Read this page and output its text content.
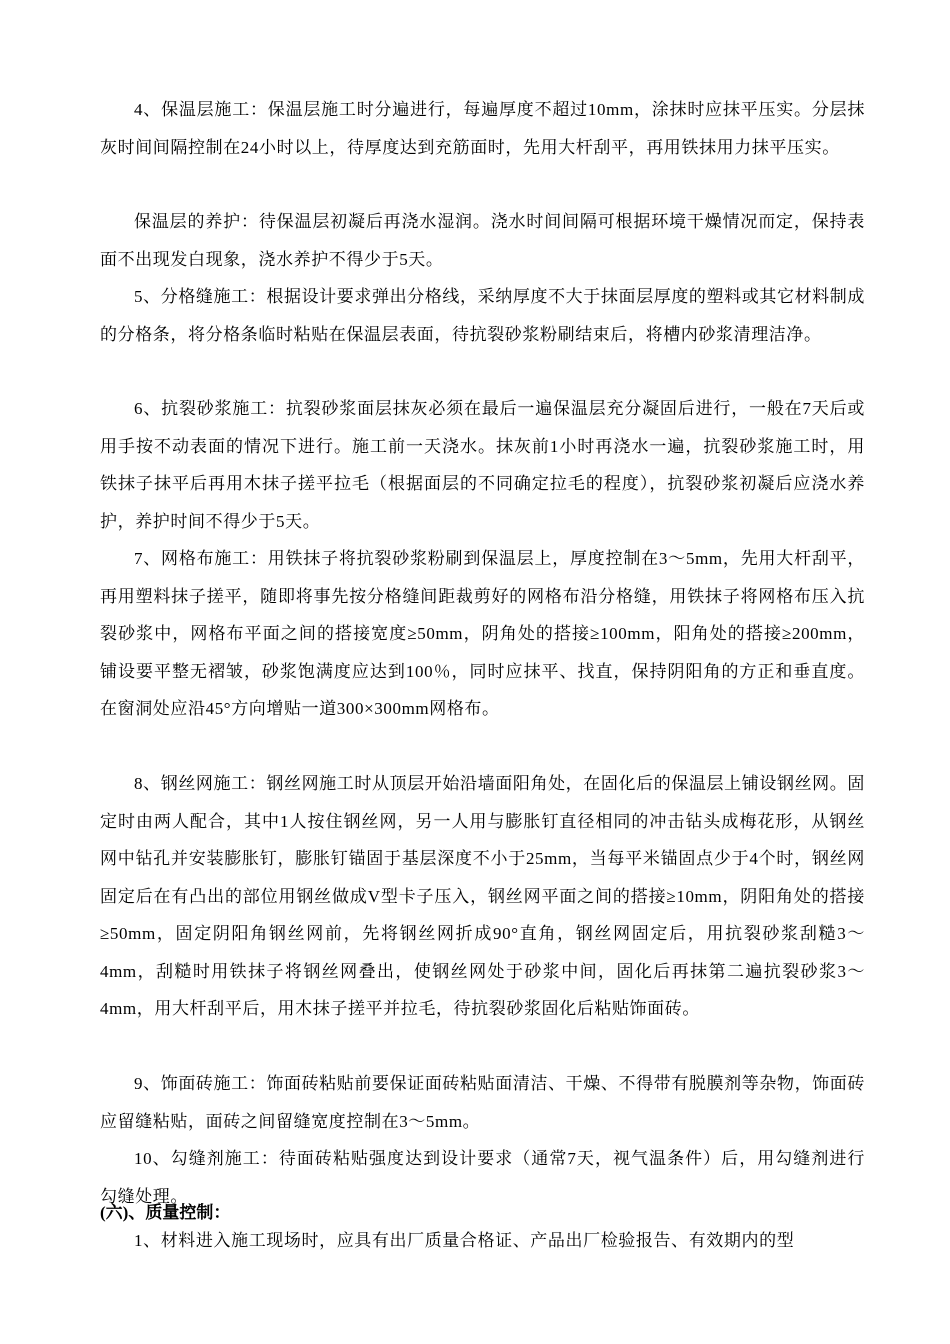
4、保温层施工：保温层施工时分遍进行，每遍厚度不超过10mm，涂抹时应抹平压实。分层抹灰时间间隔控制在24小时以上，待厚度达到充筋面时，先用大杆刮平，再用铁抹用力抹平压实。

保温层的养护：待保温层初凝后再浇水湿润。浇水时间间隔可根据环境干燥情况而定，保持表面不出现发白现象，浇水养护不得少于5天。

5、分格缝施工：根据设计要求弹出分格线，采纳厚度不大于抹面层厚度的塑料或其它材料制成的分格条，将分格条临时粘贴在保温层表面，待抗裂砂浆粉刷结束后，将槽内砂浆清理洁净。

6、抗裂砂浆施工：抗裂砂浆面层抹灰必须在最后一遍保温层充分凝固后进行，一般在7天后或用手按不动表面的情况下进行。施工前一天浇水。抹灰前1小时再浇水一遍，抗裂砂浆施工时，用铁抹子抹平后再用木抹子搓平拉毛（根据面层的不同确定拉毛的程度），抗裂砂浆初凝后应浇水养护，养护时间不得少于5天。

7、网格布施工：用铁抹子将抗裂砂浆粉刷到保温层上，厚度控制在3～5mm，先用大杆刮平，再用塑料抹子搓平，随即将事先按分格缝间距裁剪好的网格布沿分格缝，用铁抹子将网格布压入抗裂砂浆中，网格布平面之间的搭接宽度≥50mm，阴角处的搭接≥100mm，阳角处的搭接≥200mm，铺设要平整无褶皱，砂浆饱满度应达到100％，同时应抹平、找直，保持阴阳角的方正和垂直度。在窗洞处应沿45°方向增贴一道300×300mm网格布。

8、钢丝网施工：钢丝网施工时从顶层开始沿墙面阳角处，在固化后的保温层上铺设钢丝网。固定时由两人配合，其中1人按住钢丝网，另一人用与膨胀钉直径相同的冲击钻头成梅花形，从钢丝网中钻孔并安装膨胀钉，膨胀钉锚固于基层深度不小于25mm，当每平米锚固点少于4个时，钢丝网固定后在有凸出的部位用钢丝做成V型卡子压入，钢丝网平面之间的搭接≥10mm，阴阳角处的搭接≥50mm，固定阴阳角钢丝网前，先将钢丝网折成90°直角，钢丝网固定后，用抗裂砂浆刮糙3～4mm，刮糙时用铁抹子将钢丝网叠出，使钢丝网处于砂浆中间，固化后再抹第二遍抗裂砂浆3～4mm，用大杆刮平后，用木抹子搓平并拉毛，待抗裂砂浆固化后粘贴饰面砖。

9、饰面砖施工：饰面砖粘贴前要保证面砖粘贴面清洁、干燥、不得带有脱膜剂等杂物，饰面砖应留缝粘贴，面砖之间留缝宽度控制在3～5mm。

10、勾缝剂施工：待面砖粘贴强度达到设计要求（通常7天，视气温条件）后，用勾缝剂进行勾缝处理。

(六)、质量控制：

1、材料进入施工现场时，应具有出厂质量合格证、产品出厂检验报告、有效期内的型
